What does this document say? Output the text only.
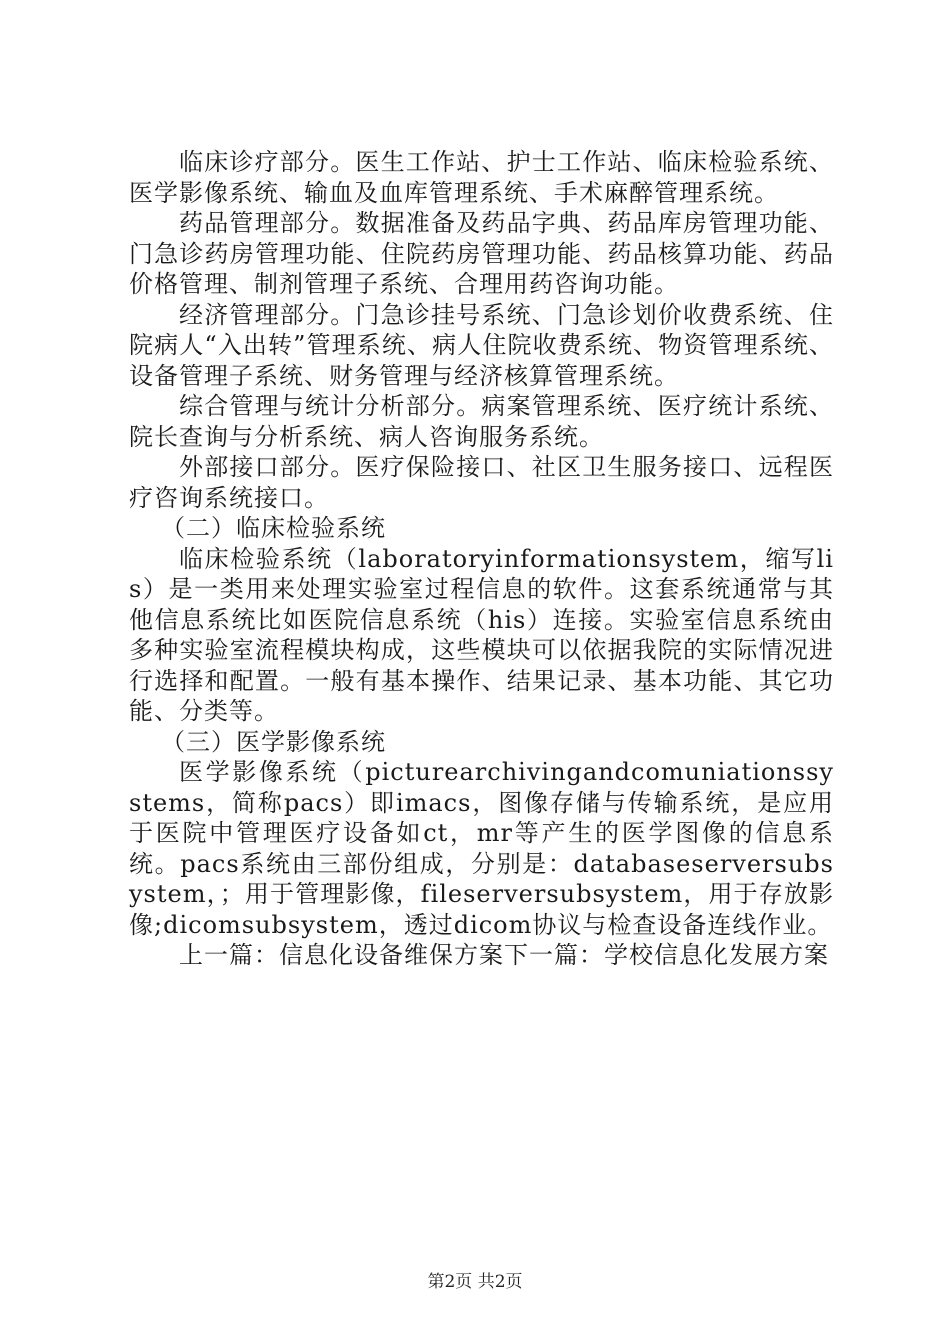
临床诊疗部分。医生工作站、护士工作站、临床检验系统、医学影像系统、输血及血库管理系统、手术麻醉管理系统。

药品管理部分。数据准备及药品字典、药品库房管理功能、门急诊药房管理功能、住院药房管理功能、药品核算功能、药品价格管理、制剂管理子系统、合理用药咨询功能。

经济管理部分。门急诊挂号系统、门急诊划价收费系统、住院病人“入出转”管理系统、病人住院收费系统、物资管理系统、设备管理子系统、财务管理与经济核算管理系统。

综合管理与统计分析部分。病案管理系统、医疗统计系统、院长查询与分析系统、病人咨询服务系统。

外部接口部分。医疗保险接口、社区卫生服务接口、远程医疗咨询系统接口。

（二）临床检验系统

临床检验系统（laboratoryinformationsystem，缩写lis）是一类用来处理实验室过程信息的软件。这套系统通常与其他信息系统比如医院信息系统（his）连接。实验室信息系统由多种实验室流程模块构成，这些模块可以依据我院的实际情况进行选择和配置。一般有基本操作、结果记录、基本功能、其它功能、分类等。

（三）医学影像系统

医学影像系统（picturearchivingandcomuniationssystems，简称pacs）即imacs，图像存储与传输系统，是应用于医院中管理医疗设备如ct，mr等产生的医学图像的信息系统。pacs系统由三部份组成，分别是：databaseserversubsystem，；用于管理影像，fileserversubsystem，用于存放影像;dicomsubsystem，透过dicom协议与检查设备连线作业。

上一篇：信息化设备维保方案下一篇：学校信息化发展方案

第2页 共2页
